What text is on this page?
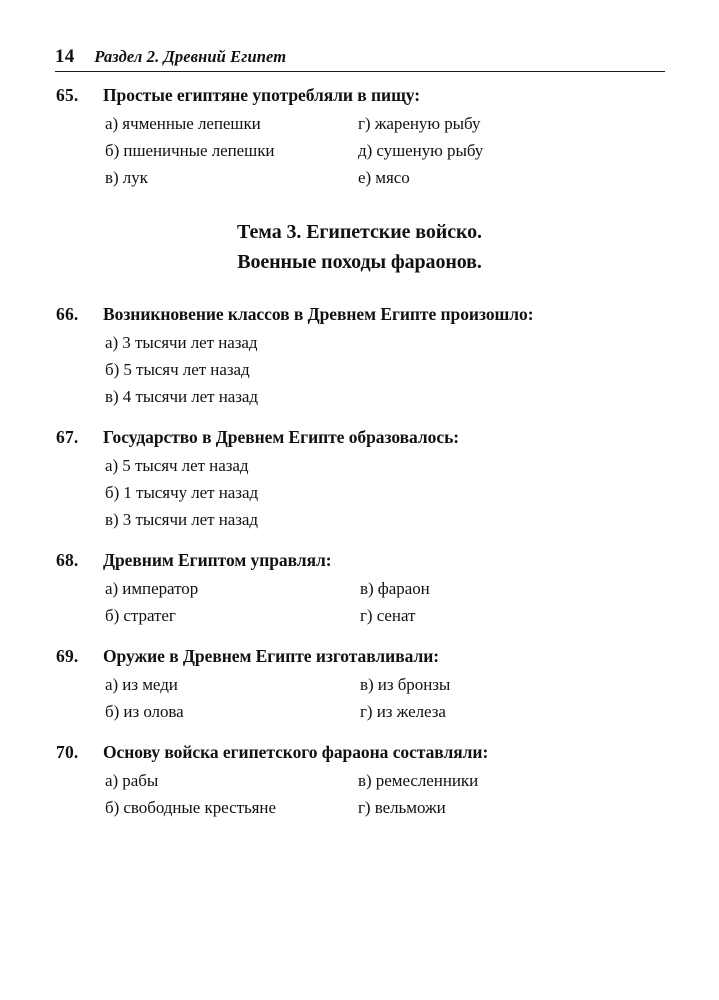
14 Раздел 2. Древний Египет
65.	Простые египтяне употребляли в пищу:
а) ячменные лепешки	г) жареную рыбу
б) пшеничные лепешки	д) сушеную рыбу
в) лук	е) мясо
Тема 3. Египетские войско.
Военные походы фараонов.
66.	Возникновение классов в Древнем Египте произошло:
а) 3 тысячи лет назад
б) 5 тысяч лет назад
в) 4 тысячи лет назад
67.	Государство в Древнем Египте образовалось:
а) 5 тысяч лет назад
б) 1 тысячу лет назад
в) 3 тысячи лет назад
68.	Древним Египтом управлял:
а) император	в) фараон
б) стратег	г) сенат
69.	Оружие в Древнем Египте изготавливали:
а) из меди	в) из бронзы
б) из олова	г) из железа
70.	Основу войска египетского фараона составляли:
а) рабы	в) ремесленники
б) свободные крестьяне	г) вельможи
